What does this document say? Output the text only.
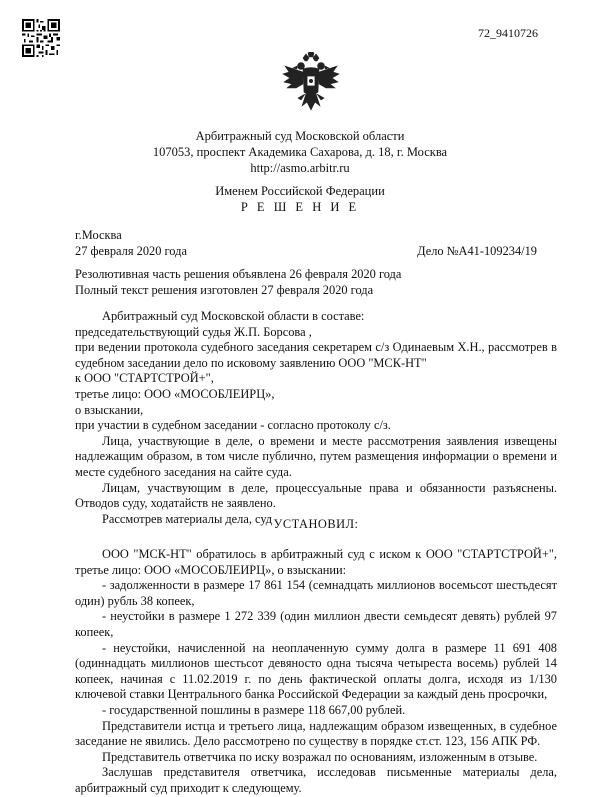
72_9410726
Арбитражный суд Московской области
107053, проспект Академика Сахарова, д. 18, г. Москва
http://asmo.arbitr.ru
Именем Российской Федерации
Р Е Ш Е Н И Е
г.Москва
27 февраля 2020 года	Дело №А41-109234/19
Резолютивная часть решения объявлена 26 февраля 2020 года
Полный текст решения изготовлен 27 февраля 2020 года

Арбитражный суд Московской области в составе:

председательствующий судья Ж.П. Борсова ,

при ведении протокола судебного заседания секретарем с/з Одинаевым Х.Н., рассмотрев в судебном заседании дело по исковому заявлению ООО "МСК-НТ"

к ООО "СТАРТСТРОЙ+",

третье лицо: ООО «МОСОБЛЕИРЦ»,

о взыскании,

при участии в судебном заседании - согласно протоколу с/з.

Лица, участвующие в деле, о времени и месте рассмотрения заявления извещены надлежащим образом, в том числе публично, путем размещения информации о времени и месте судебного заседания на сайте суда.

Лицам, участвующим в деле, процессуальные права и обязанности разъяснены. Отводов суду, ходатайств не заявлено.

Рассмотрев материалы дела, суд УСТАНОВИЛ:

ООО "МСК-НТ" обратилось в арбитражный суд с иском к ООО "СТАРТСТРОЙ+", третье лицо: ООО «МОСОБЛЕИРЦ», о взыскании:

- задолженности в размере 17 861 154 (семнадцать миллионов восемьсот шестьдесят один) рубль 38 копеек,

- неустойки в размере 1 272 339 (один миллион двести семьдесят девять) рублей 97 копеек,

- неустойки, начисленной на неоплаченную сумму долга в размере 11 691 408 (одиннадцать миллионов шестьсот девяносто одна тысяча четыреста восемь) рублей 14 копеек, начиная с 11.02.2019 г. по день фактической оплаты долга, исходя из 1/130 ключевой ставки Центрального банка Российской Федерации за каждый день просрочки,

- государственной пошлины в размере 118 667,00 рублей.

Представители истца и третьего лица, надлежащим образом извещенных, в судебное заседание не явились. Дело рассмотрено по существу в порядке ст.ст. 123, 156 АПК РФ.

Представитель ответчика по иску возражал по основаниям, изложенным в отзыве.

Заслушав представителя ответчика, исследовав письменные материалы дела, арбитражный суд приходит к следующему.
